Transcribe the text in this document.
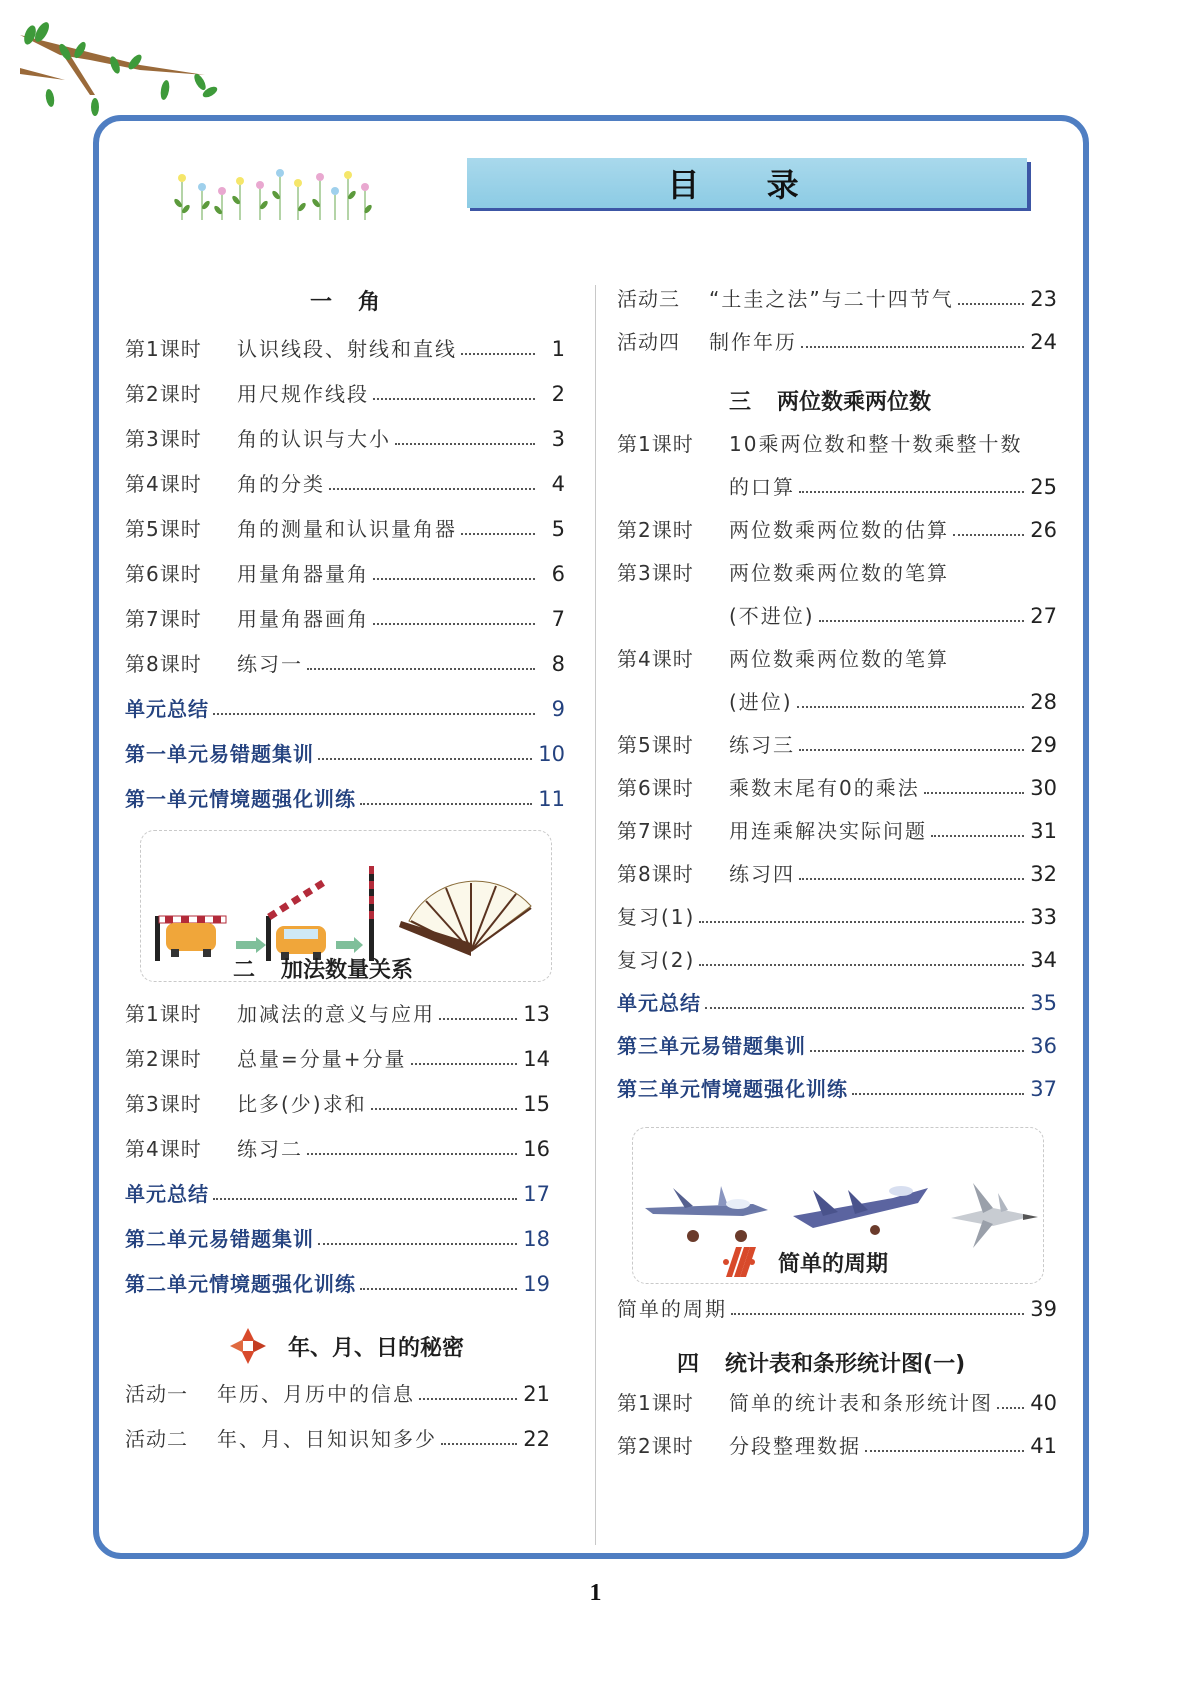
目 录
一 角
第1课时	认识线段、射线和直线	1
第2课时	用尺规作线段	2
第3课时	角的认识与大小	3
第4课时	角的分类	4
第5课时	角的测量和认识量角器	5
第6课时	用量角器量角	6
第7课时	用量角器画角	7
第8课时	练习一	8
单元总结	9
第一单元易错题集训	10
第一单元情境题强化训练	11
二 加法数量关系
第1课时	加减法的意义与应用	13
第2课时	总量=分量+分量	14
第3课时	比多(少)求和	15
第4课时	练习二	16
单元总结	17
第二单元易错题集训	18
第二单元情境题强化训练	19
年、月、日的秘密
活动一	年历、月历中的信息	21
活动二	年、月、日知识知多少	22
活动三	“土圭之法”与二十四节气	23
活动四	制作年历	24
三 两位数乘两位数
第1课时	10乘两位数和整十数乘整十数
的口算	25
第2课时	两位数乘两位数的估算	26
第3课时	两位数乘两位数的笔算
(不进位)	27
第4课时	两位数乘两位数的笔算
(进位)	28
第5课时	练习三	29
第6课时	乘数末尾有0的乘法	30
第7课时	用连乘解决实际问题	31
第8课时	练习四	32
复习(1)	33
复习(2)	34
单元总结	35
第三单元易错题集训	36
第三单元情境题强化训练	37
简单的周期
简单的周期	39
四 统计表和条形统计图(一)
第1课时	简单的统计表和条形统计图 40
第2课时	分段整理数据	41
1
